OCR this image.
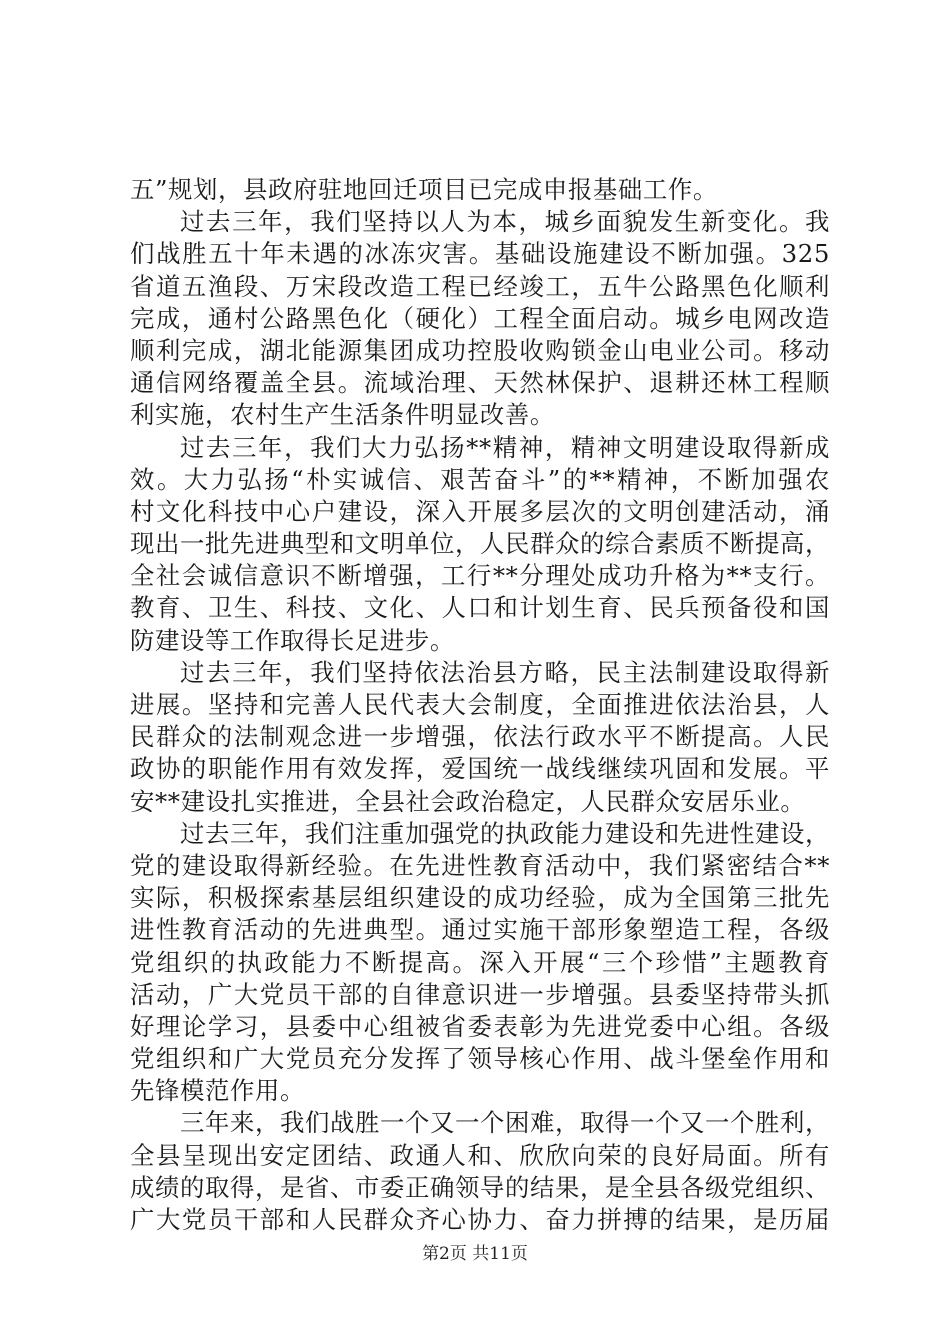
五”规划，县政府驻地回迁项目已完成申报基础工作。
过去三年，我们坚持以人为本，城乡面貌发生新变化。我
们战胜五十年未遇的冰冻灾害。基础设施建设不断加强。325
省道五渔段、万宋段改造工程已经竣工，五牛公路黑色化顺利
完成，通村公路黑色化（硬化）工程全面启动。城乡电网改造
顺利完成，湖北能源集团成功控股收购锁金山电业公司。移动
通信网络覆盖全县。流域治理、天然林保护、退耕还林工程顺
利实施，农村生产生活条件明显改善。
过去三年，我们大力弘扬**精神，精神文明建设取得新成
效。大力弘扬“朴实诚信、艰苦奋斗”的**精神，不断加强农
村文化科技中心户建设，深入开展多层次的文明创建活动，涌
现出一批先进典型和文明单位，人民群众的综合素质不断提高，
全社会诚信意识不断增强，工行**分理处成功升格为**支行。
教育、卫生、科技、文化、人口和计划生育、民兵预备役和国
防建设等工作取得长足进步。
过去三年，我们坚持依法治县方略，民主法制建设取得新
进展。坚持和完善人民代表大会制度，全面推进依法治县，人
民群众的法制观念进一步增强，依法行政水平不断提高。人民
政协的职能作用有效发挥，爱国统一战线继续巩固和发展。平
安**建设扎实推进，全县社会政治稳定，人民群众安居乐业。
过去三年，我们注重加强党的执政能力建设和先进性建设，
党的建设取得新经验。在先进性教育活动中，我们紧密结合**
实际，积极探索基层组织建设的成功经验，成为全国第三批先
进性教育活动的先进典型。通过实施干部形象塑造工程，各级
党组织的执政能力不断提高。深入开展“三个珍惜”主题教育
活动，广大党员干部的自律意识进一步增强。县委坚持带头抓
好理论学习，县委中心组被省委表彰为先进党委中心组。各级
党组织和广大党员充分发挥了领导核心作用、战斗堡垒作用和
先锋模范作用。
三年来，我们战胜一个又一个困难，取得一个又一个胜利，
全县呈现出安定团结、政通人和、欣欣向荣的良好局面。所有
成绩的取得，是省、市委正确领导的结果，是全县各级党组织、
广大党员干部和人民群众齐心协力、奋力拼搏的结果，是历届
第2页 共11页
